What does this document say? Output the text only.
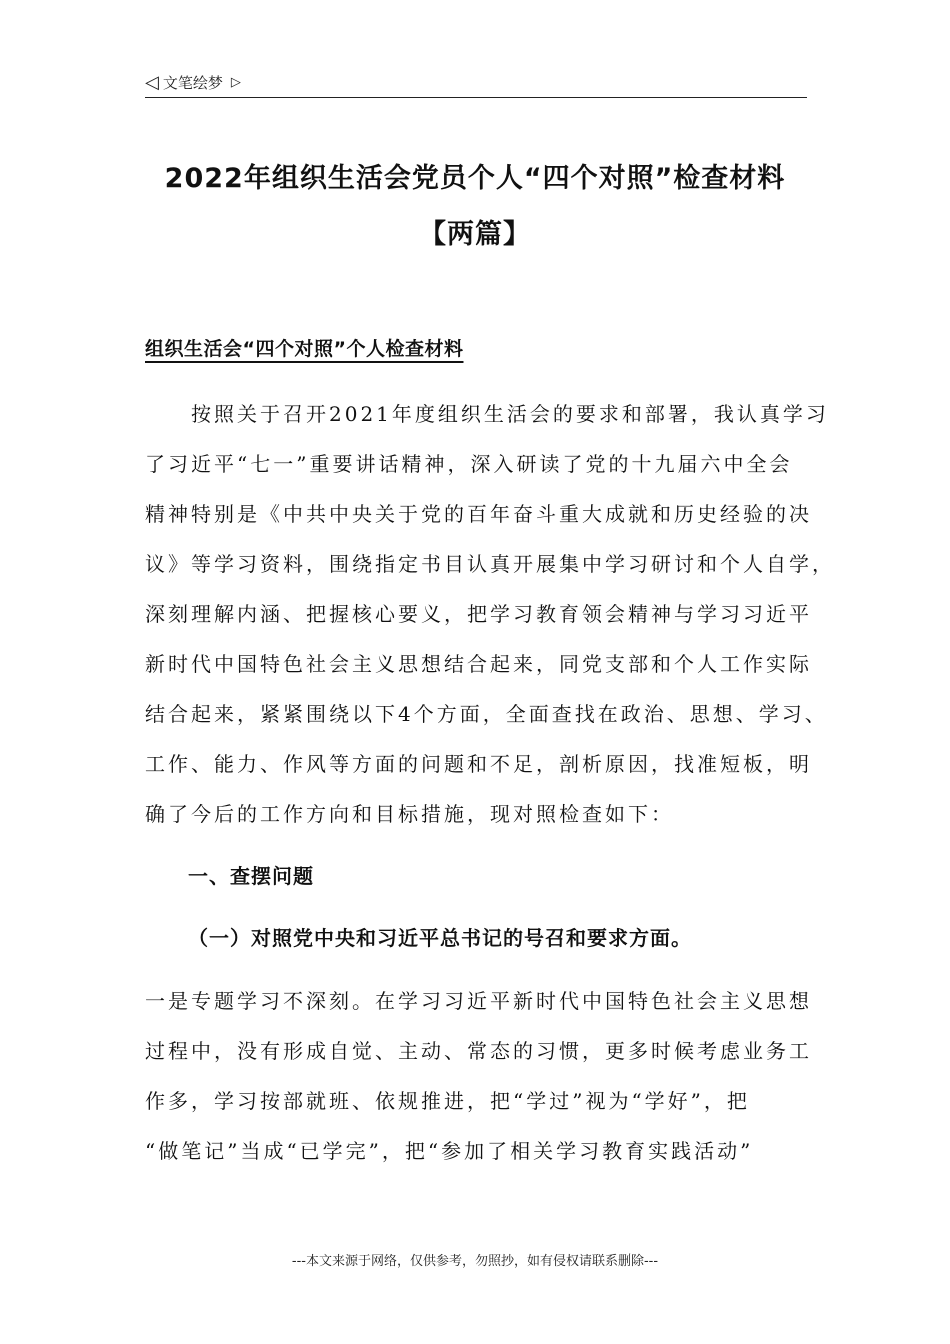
◁ 文笔绘梦 ▷
2022年组织生活会党员个人“四个对照”检查材料
【两篇】
组织生活会“四个对照”个人检查材料
　　按照关于召开2021年度组织生活会的要求和部署，我认真学习
了习近平“七一”重要讲话精神，深入研读了党的十九届六中全会
精神特别是《中共中央关于党的百年奋斗重大成就和历史经验的决
议》等学习资料，围绕指定书目认真开展集中学习研讨和个人自学，
深刻理解内涵、把握核心要义，把学习教育领会精神与学习习近平
新时代中国特色社会主义思想结合起来，同党支部和个人工作实际
结合起来，紧紧围绕以下4个方面，全面查找在政治、思想、学习、
工作、能力、作风等方面的问题和不足，剖析原因，找准短板，明
确了今后的工作方向和目标措施，现对照检查如下：
一、查摆问题
（一）对照党中央和习近平总书记的号召和要求方面。
一是专题学习不深刻。在学习习近平新时代中国特色社会主义思想
过程中，没有形成自觉、主动、常态的习惯，更多时候考虑业务工
作多，学习按部就班、依规推进，把“学过”视为“学好”，把
“做笔记”当成“已学完”，把“参加了相关学习教育实践活动”
---本文来源于网络，仅供参考，勿照抄，如有侵权请联系删除---
